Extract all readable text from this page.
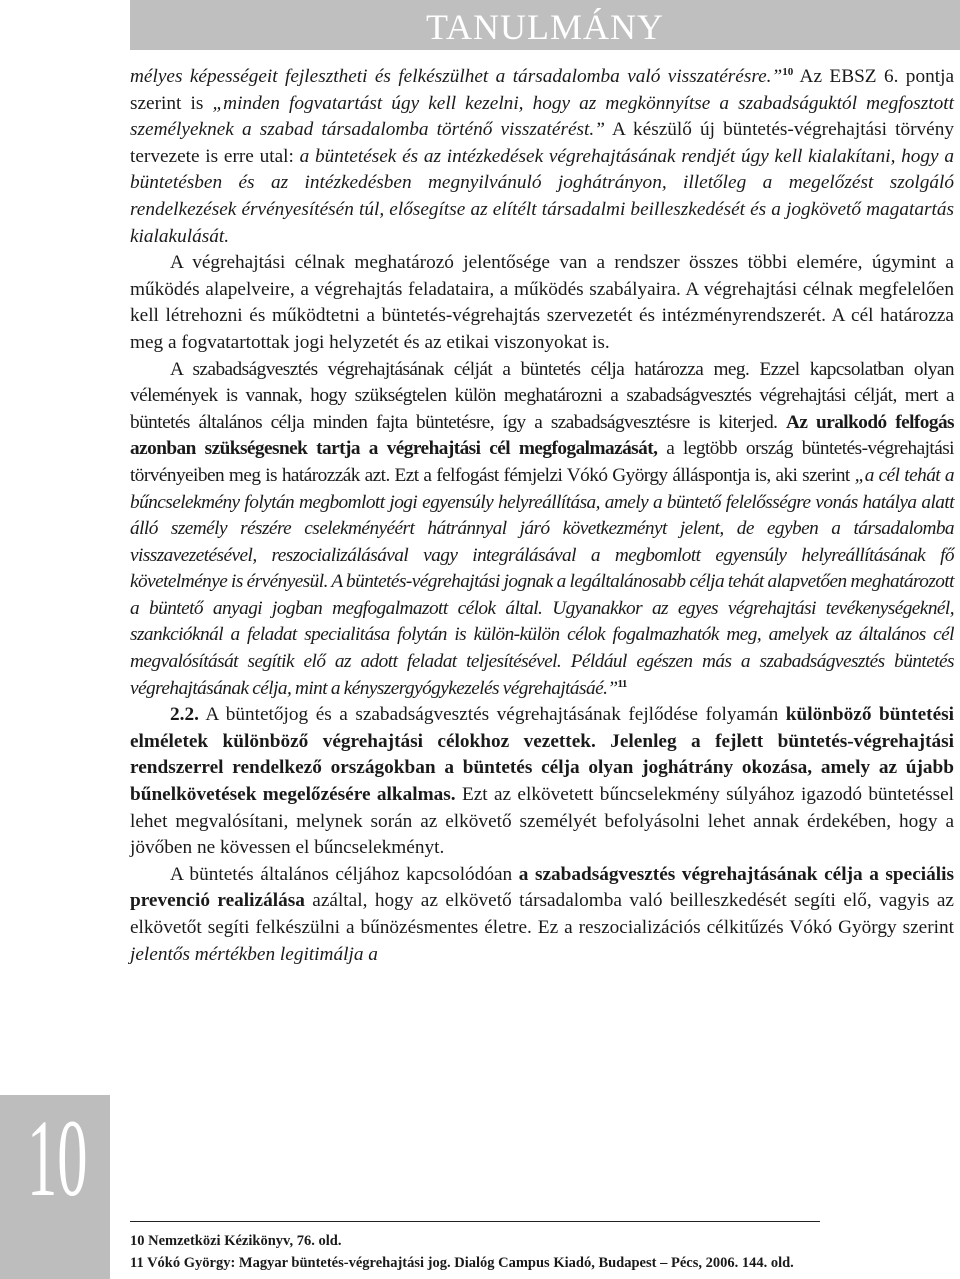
TANULMÁNY
10

mélyes képességeit fejlesztheti és felkészülhet a társadalomba való visszatérésre.”$^{10}$ Az EBSZ 6. pontja szerint is „minden fogvatartást úgy kell kezelni, hogy az megkönnyítse a szabadságuktól megfosztott személyeknek a szabad társadalomba történő visszatérést.” A készülő új büntetés-végrehajtási törvény tervezete is erre utal: a büntetések és az intézkedések végrehajtásának rendjét úgy kell kialakítani, hogy a büntetésben és az intézkedésben megnyilvánuló joghátrányon, illetőleg a megelőzést szolgáló rendelkezések érvényesítésén túl, elősegítse az elítélt társadalmi beilleszkedését és a jogkövető magatartás kialakulását.

A végrehajtási célnak meghatározó jelentősége van a rendszer összes többi elemére, úgymint a működés alapelveire, a végrehajtás feladataira, a működés szabályaira. A végrehajtási célnak megfelelően kell létrehozni és működtetni a büntetés-végrehajtás szervezetét és intézményrendszerét. A cél határozza meg a fogvatartottak jogi helyzetét és az etikai viszonyokat is.

A szabadságvesztés végrehajtásának célját a büntetés célja határozza meg. Ezzel kapcsolatban olyan vélemények is vannak, hogy szükségtelen külön meghatározni a szabadságvesztés végrehajtási célját, mert a büntetés általános célja minden fajta büntetésre, így a szabadságvesztésre is kiterjed. Az uralkodó felfogás azonban szükségesnek tartja a végrehajtási cél megfogalmazását, a legtöbb ország büntetés-végrehajtási törvényeiben meg is határozzák azt. Ezt a felfogást fémjelzi Vókó György álláspontja is, aki szerint „a cél tehát a bűncselekmény folytán megbomlott jogi egyensúly helyreállítása, amely a büntető felelősségre vonás hatálya alatt álló személy részére cselekményéért hátránnyal járó következményt jelent, de egyben a társadalomba visszavezetésével, reszocializálásával vagy integrálásával a megbomlott egyensúly helyreállításának fő követelménye is érvényesül. A büntetés-végrehajtási jognak a legáltalánosabb célja tehát alapvetően meghatározott a büntető anyagi jogban megfogalmazott célok által. Ugyanakkor az egyes végrehajtási tevékenységeknél, szankcióknál a feladat specialitása folytán is külön-külön célok fogalmazhatók meg, amelyek az általános cél megvalósítását segítik elő az adott feladat teljesítésével. Például egészen más a szabadságvesztés büntetés végrehajtásának célja, mint a kényszergyógykezelés végrehajtásáé.”$^{11}$

2.2. A büntetőjog és a szabadságvesztés végrehajtásának fejlődése folyamán különböző büntetési elméletek különböző végrehajtási célokhoz vezettek. Jelenleg a fejlett büntetés-végrehajtási rendszerrel rendelkező országokban a büntetés célja olyan joghátrány okozása, amely az újabb bűnelkövetések megelőzésére alkalmas. Ezt az elkövetett bűncselekmény súlyához igazodó büntetéssel lehet megvalósítani, melynek során az elkövető személyét befolyásolni lehet annak érdekében, hogy a jövőben ne kövessen el bűncselekményt.

A büntetés általános céljához kapcsolódóan a szabadságvesztés végrehajtásának célja a speciális prevenció realizálása azáltal, hogy az elkövető társadalomba való beilleszkedését segíti elő, vagyis az elkövetőt segíti felkészülni a bűnözésmentes életre. Ez a reszocializációs célkitűzés Vókó György szerint jelentős mértékben legitimálja a

10 Nemzetközi Kézikönyv, 76. old.
11 Vókó György: Magyar büntetés-végrehajtási jog. Dialóg Campus Kiadó, Budapest – Pécs, 2006. 144. old.
